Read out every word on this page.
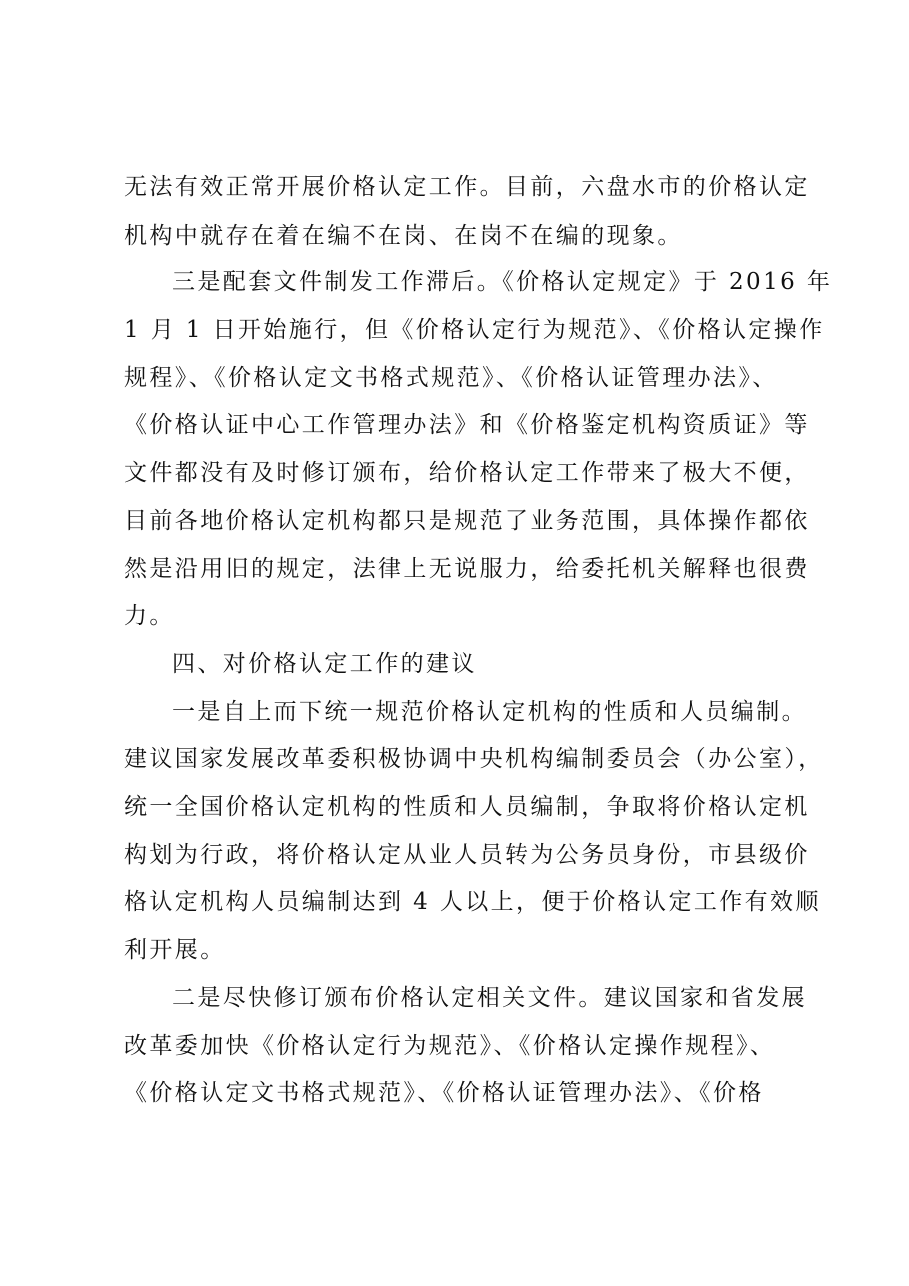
无法有效正常开展价格认定工作。目前，六盘水市的价格认定
机构中就存在着在编不在岗、在岗不在编的现象。
三是配套文件制发工作滞后。《价格认定规定》于 2016 年
1 月 1 日开始施行，但《价格认定行为规范》、《价格认定操作
规程》、《价格认定文书格式规范》、《价格认证管理办法》、
《价格认证中心工作管理办法》和《价格鉴定机构资质证》等
文件都没有及时修订颁布，给价格认定工作带来了极大不便，
目前各地价格认定机构都只是规范了业务范围，具体操作都依
然是沿用旧的规定，法律上无说服力，给委托机关解释也很费
力。
四、对价格认定工作的建议
一是自上而下统一规范价格认定机构的性质和人员编制。
建议国家发展改革委积极协调中央机构编制委员会（办公室），
统一全国价格认定机构的性质和人员编制，争取将价格认定机
构划为行政，将价格认定从业人员转为公务员身份，市县级价
格认定机构人员编制达到 4 人以上，便于价格认定工作有效顺
利开展。
二是尽快修订颁布价格认定相关文件。建议国家和省发展
改革委加快《价格认定行为规范》、《价格认定操作规程》、
《价格认定文书格式规范》、《价格认证管理办法》、《价格
